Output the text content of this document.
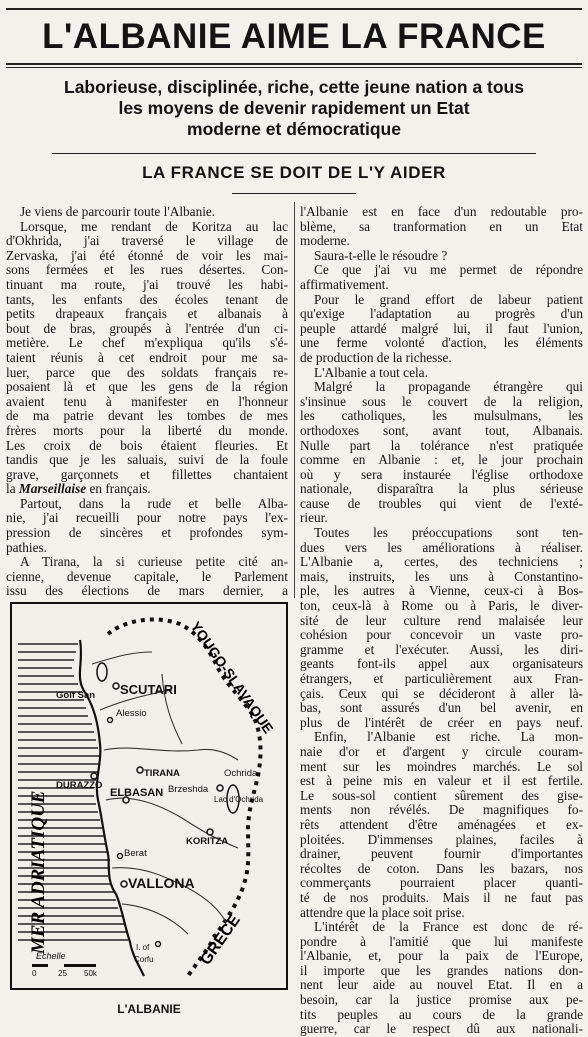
L'ALBANIE AIME LA FRANCE
Laborieuse, disciplinée, riche, cette jeune nation a tous
les moyens de devenir rapidement un Etat
moderne et démocratique
LA FRANCE SE DOIT DE L'Y AIDER
Je viens de parcourir toute l'Albanie.
Lorsque, me rendant de Koritza au lac
d'Okhrida, j'ai traversé le village de
Zervaska, j'ai été étonné de voir les mai-
sons fermées et les rues désertes. Con-
tinuant ma route, j'ai trouvé les habi-
tants, les enfants des écoles tenant de
petits drapeaux français et albanais à
bout de bras, groupés à l'entrée d'un ci-
metière. Le chef m'expliqua qu'ils s'é-
taient réunis à cet endroit pour me sa-
luer, parce que des soldats français re-
posaient là et que les gens de la région
avaient tenu à manifester en l'honneur
de ma patrie devant les tombes de mes
frères morts pour la liberté du monde.
Les croix de bois étaient fleuries. Et
tandis que je les saluais, suivi de la foule
grave, garçonnets et fillettes chantaient
la Marseillaise en français.
Partout, dans la rude et belle Alba-
nie, j'ai recueilli pour notre pays l'ex-
pression de sincères et profondes sym-
pathies.
A Tirana, la si curieuse petite cité an-
cienne, devenue capitale, le Parlement
issu des élections de mars dernier, a
l'Albanie est en face d'un redoutable pro-
blème, sa tranformation en un Etat
moderne.
Saura-t-elle le résoudre ?
Ce que j'ai vu me permet de répondre
affirmativement.
Pour le grand effort de labeur patient
qu'exige l'adaptation au progrès d'un
peuple attardé malgré lui, il faut l'union,
une ferme volonté d'action, les éléments
de production de la richesse.
L'Albanie a tout cela.
Malgré la propagande étrangère qui
s'insinue sous le couvert de la religion,
les catholiques, les mulsulmans, les
orthodoxes sont, avant tout, Albanais.
Nulle part la tolérance n'est pratiquée
comme en Albanie : et, le jour prochain
où y sera instaurée l'église orthodoxe
nationale, disparaîtra la plus sérieuse
cause de troubles qui vient de l'exté-
rieur.
Toutes les préoccupations sont ten-
dues vers les améliorations à réaliser.
L'Albanie a, certes, des techniciens ;
mais, instruits, les uns à Constantino-
ple, les autres à Vienne, ceux-ci à Bos-
ton, ceux-là à Rome ou à Paris, le diver-
sité de leur culture rend malaisée leur
cohésion pour concevoir un vaste pro-
gramme et l'exécuter. Aussi, les diri-
geants font-ils appel aux organisateurs
étrangers, et particulièrement aux Fran-
çais. Ceux qui se décideront à aller là-
bas, sont assurés d'un bel avenir, en
plus de l'intérêt de créer en pays neuf.
Enfin, l'Albanie est riche. La mon-
naie d'or et d'argent y circule couram-
ment sur les moindres marchés. Le sol
est à peine mis en valeur et il est fertile.
Le sous-sol contient sûrement des gise-
ments non révélés. De magnifiques fo-
rêts attendent d'être aménagées et ex-
ploitées. D'immenses plaines, faciles à
drainer, peuvent fournir d'importantes
récoltes de coton. Dans les bazars, nos
commerçants pourraient placer quanti-
té de nos produits. Mais il ne faut pas
attendre que la place soit prise.
L'intérêt de la France est donc de ré-
pondre à l'amitié que lui manifeste
l'Albanie, et, pour la paix de l'Europe,
il importe que les grandes nations don-
nent leur aide au nouvel Etat. Il en a
besoin, car la justice promise aux pe-
tits peuples au cours de la grande
guerre, car le respect dû aux nationali-
MER ADRIATIQUE
YOUGO-SLAVAQUE
GRÈCE
SCUTARI
Golf San
Alessio
DURAZZO
TIRANA
ELBASAN Brzeshda
Ochrida
Lac d'Ochrida
KORITZA
Berat
VALLONA
I. of
Corfu
Echelle
0	25 50k
L'ALBANIE
